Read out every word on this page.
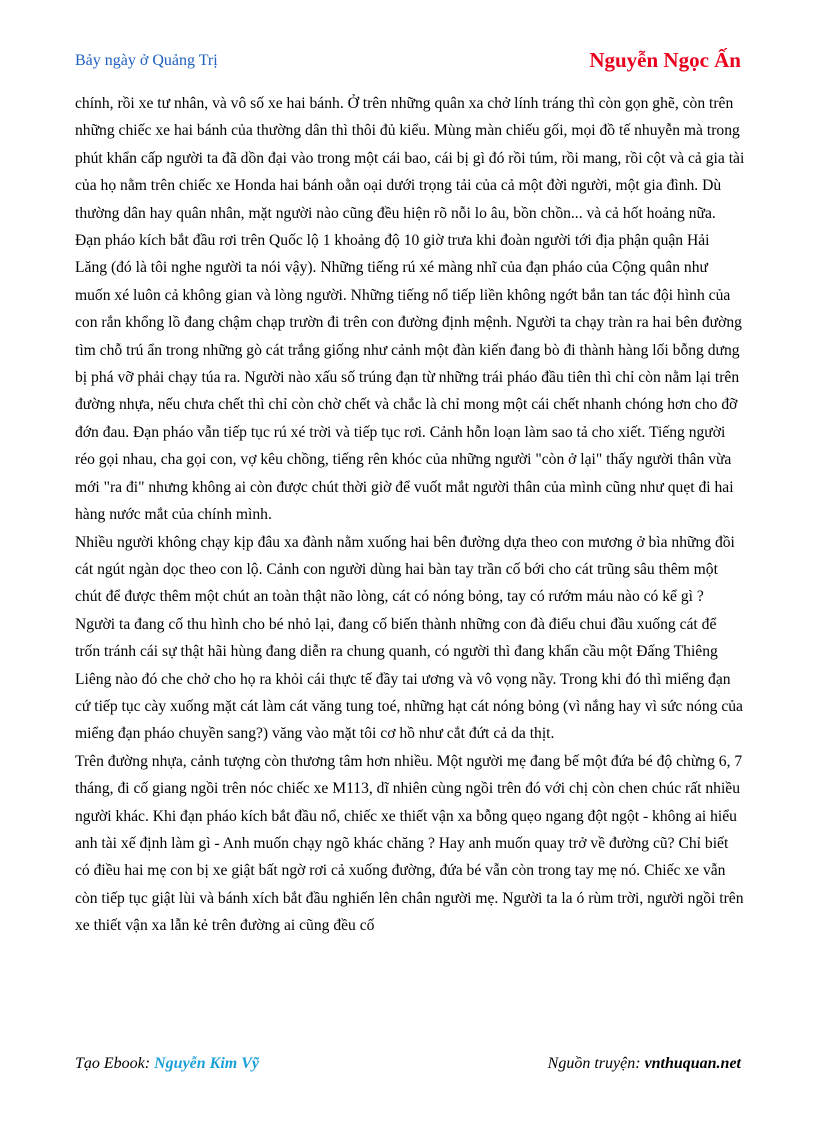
Bảy ngày ở Quảng Trị	Nguyễn Ngọc Ấn

chính, rồi xe tư nhân, và vô số xe hai bánh. Ở trên những quân xa chở lính tráng thì còn gọn ghẽ, còn trên những chiếc xe hai bánh của thường dân thì thôi đủ kiểu. Mùng màn chiếu gối, mọi đồ tế nhuyễn mà trong phút khẩn cấp người ta đã dồn đại vào trong một cái bao, cái bị gì đó rồi túm, rồi mang, rồi cột và cả gia tài của họ nằm trên chiếc xe Honda hai bánh oằn oại dưới trọng tải của cả một đời người, một gia đình. Dù thường dân hay quân nhân, mặt người nào cũng đều hiện rõ nỗi lo âu, bồn chồn... và cả hốt hoảng nữa.

Đạn pháo kích bắt đầu rơi trên Quốc lộ 1 khoảng độ 10 giờ trưa khi đoàn người tới địa phận quận Hải Lăng (đó là tôi nghe người ta nói vậy). Những tiếng rú xé màng nhĩ của đạn pháo của Cộng quân như muốn xé luôn cả không gian và lòng người. Những tiếng nổ tiếp liền không ngớt bắn tan tác đội hình của con rắn khổng lồ đang chậm chạp trườn đi trên con đường định mệnh. Người ta chạy tràn ra hai bên đường tìm chỗ trú ẩn trong những gò cát trắng giống như cảnh một đàn kiến đang bò đi thành hàng lối bỗng dưng bị phá vỡ phải chạy túa ra. Người nào xấu số trúng đạn từ những trái pháo đầu tiên thì chỉ còn nằm lại trên đường nhựa, nếu chưa chết thì chỉ còn chờ chết và chắc là chỉ mong một cái chết nhanh chóng hơn cho đỡ đớn đau. Đạn pháo vẫn tiếp tục rú xé trời và tiếp tục rơi. Cảnh hỗn loạn làm sao tả cho xiết. Tiếng người réo gọi nhau, cha gọi con, vợ kêu chồng, tiếng rên khóc của những người "còn ở lại" thấy người thân vừa mới "ra đi" nhưng không ai còn được chút thời giờ để vuốt mắt người thân của mình cũng như quẹt đi hai hàng nước mắt của chính mình.

Nhiều người không chạy kịp đâu xa đành nằm xuống hai bên đường dựa theo con mương ở bìa những đồi cát ngút ngàn dọc theo con lộ. Cảnh con người dùng hai bàn tay trần cố bới cho cát trũng sâu thêm một chút để được thêm một chút an toàn thật não lòng, cát có nóng bỏng, tay có rướm máu nào có kể gì ? Người ta đang cố thu hình cho bé nhỏ lại, đang cố biến thành những con đà điểu chui đầu xuống cát để trốn tránh cái sự thật hãi hùng đang diễn ra chung quanh, có người thì đang khẩn cầu một Đấng Thiêng Liêng nào đó che chở cho họ ra khỏi cái thực tế đầy tai ương và vô vọng nầy. Trong khi đó thì miểng đạn cứ tiếp tục cày xuống mặt cát làm cát văng tung toé, những hạt cát nóng bỏng (vì nắng hay vì sức nóng của miểng đạn pháo chuyền sang?) văng vào mặt tôi cơ hồ như cắt đứt cả da thịt.

Trên đường nhựa, cảnh tượng còn thương tâm hơn nhiều. Một người mẹ đang bế một đứa bé độ chừng 6, 7 tháng, đi cố giang ngồi trên nóc chiếc xe M113, dĩ nhiên cùng ngồi trên đó với chị còn chen chúc rất nhiều người khác. Khi đạn pháo kích bắt đầu nổ, chiếc xe thiết vận xa bỗng quẹo ngang đột ngột - không ai hiểu anh tài xế định làm gì - Anh muốn chạy ngõ khác chăng ? Hay anh muốn quay trở về đường cũ? Chỉ biết có điều hai mẹ con bị xe giật bất ngờ rơi cả xuống đường, đứa bé vẫn còn trong tay mẹ nó. Chiếc xe vẫn còn tiếp tục giật lùi và bánh xích bắt đầu nghiến lên chân người mẹ. Người ta la ó rùm trời, người ngồi trên xe thiết vận xa lẫn kẻ trên đường ai cũng đều cố

Tạo Ebook: Nguyễn Kim Vỹ	Nguồn truyện: vnthuquan.net
